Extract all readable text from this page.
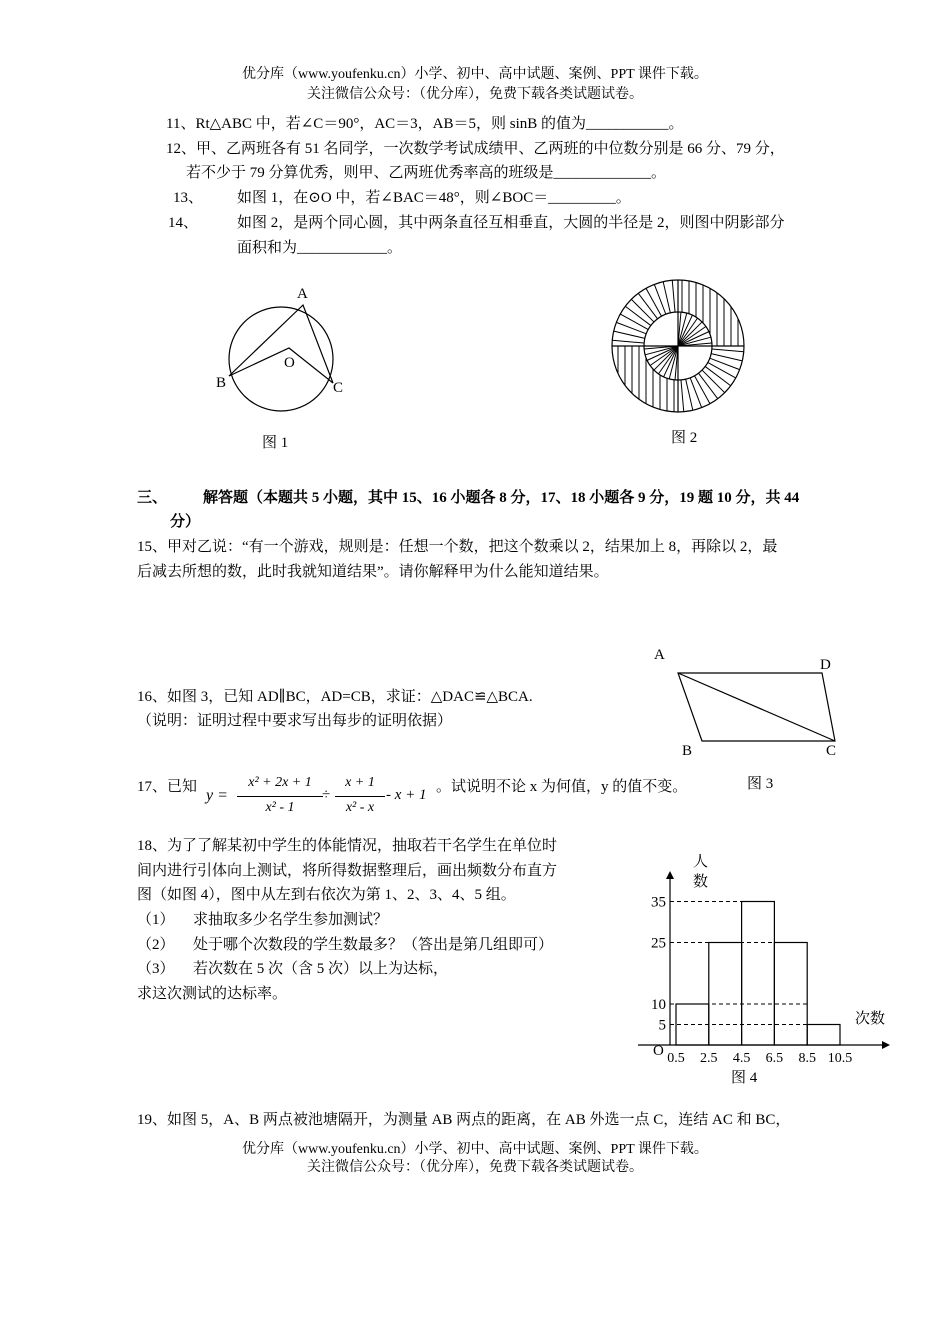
优分库（www.youfenku.cn）小学、初中、高中试题、案例、PPT 课件下载。
关注微信公众号：（优分库），免费下载各类试题试卷。
11、Rt△ABC 中，若∠C＝90°，AC＝3，AB＝5，则 sinB 的值为___________。
12、甲、乙两班各有 51 名同学，一次数学考试成绩甲、乙两班的中位数分别是 66 分、79 分，
若不少于 79 分算优秀，则甲、乙两班优秀率高的班级是_____________。
13、 如图 1，在⊙O 中，若∠BAC＝48°，则∠BOC＝_________。
14、	如图 2，是两个同心圆，其中两条直径互相垂直，大圆的半径是 2，则图中阴影部分
面积和为____________。
A
B	C
O
图 1	图 2
三、 解答题（本题共 5 小题，其中 15、16 小题各 8 分，17、18 小题各 9 分，19 题 10 分，共 44
分）
15、甲对乙说：“有一个游戏，规则是：任想一个数，把这个数乘以 2，结果加上 8，再除以 2，最
后减去所想的数，此时我就知道结果”。请你解释甲为什么能知道结果。
A
D
B	C
图 3
16、如图 3，已知 AD∥BC，AD=CB，求证：△DAC≌△BCA.
（说明：证明过程中要求写出每步的证明依据）
17、已知 y =
x² + 2x + 1
x² - 1
÷
x + 1
x² - x
- x + 1 。试说明不论 x 为何值，y 的值不变。
18、为了了解某初中学生的体能情况，抽取若干名学生在单位时
间内进行引体向上测试，将所得数据整理后，画出频数分布直方
图（如图 4），图中从左到右依次为第 1、2、3、4、5 组。
（1） 求抽取多少名学生参加测试？
（2） 处于哪个次数段的学生数最多？（答出是第几组即可）
（3） 若次数在 5 次（含 5 次）以上为达标，
求这次测试的达标率。
5
10
25
35
0.5 2.5 4.5 6.5 8.5 10.5
人
数
次数
O
图 4
19、如图 5，A、B 两点被池塘隔开，为测量 AB 两点的距离，在 AB 外选一点 C，连结 AC 和 BC，
优分库（www.youfenku.cn）小学、初中、高中试题、案例、PPT 课件下载。
关注微信公众号：（优分库），免费下载各类试题试卷。
